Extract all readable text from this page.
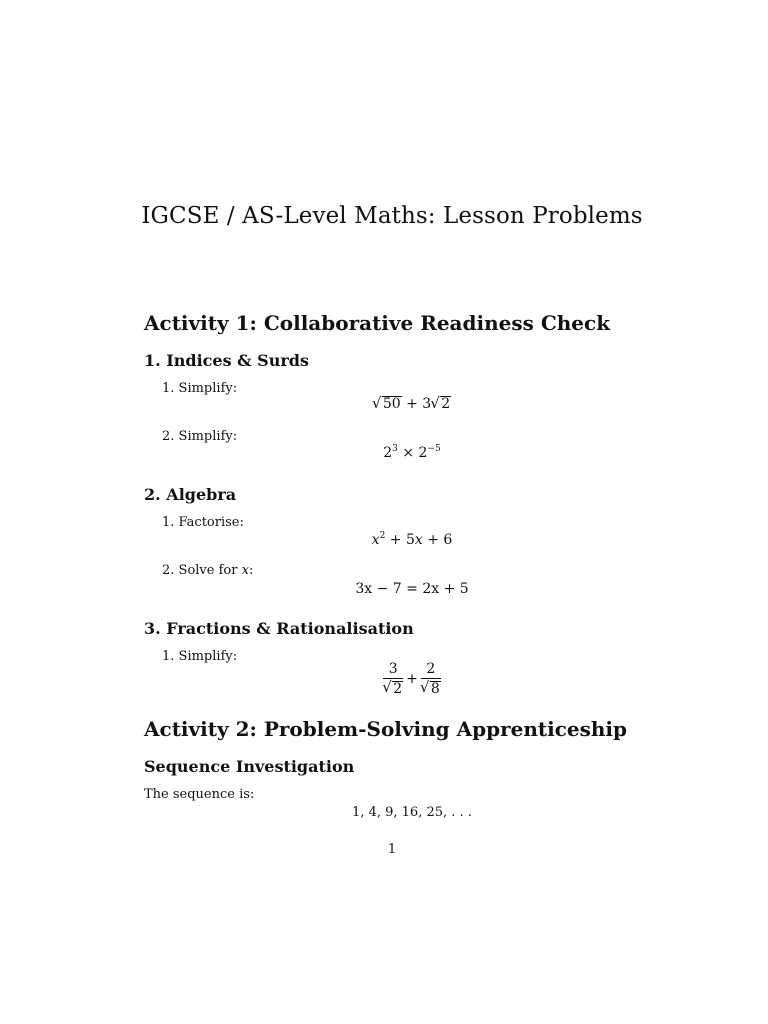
IGCSE / AS-Level Maths: Lesson Problems
Activity 1: Collaborative Readiness Check
1. Indices & Surds
1. Simplify:
√ 50 + 3√ 2
2. Simplify:
$2^3 \times 2^{-5}$
2. Algebra
1. Factorise:
$x^2 + 5x + 6$
2. Solve for x:
3x − 7 = 2x + 5
3. Fractions & Rationalisation
1. Simplify:
3
√ 2 + 2
√ 8
Activity 2: Problem-Solving Apprenticeship
Sequence Investigation
The sequence is:
1, 4, 9, 16, 25, . . .
1
